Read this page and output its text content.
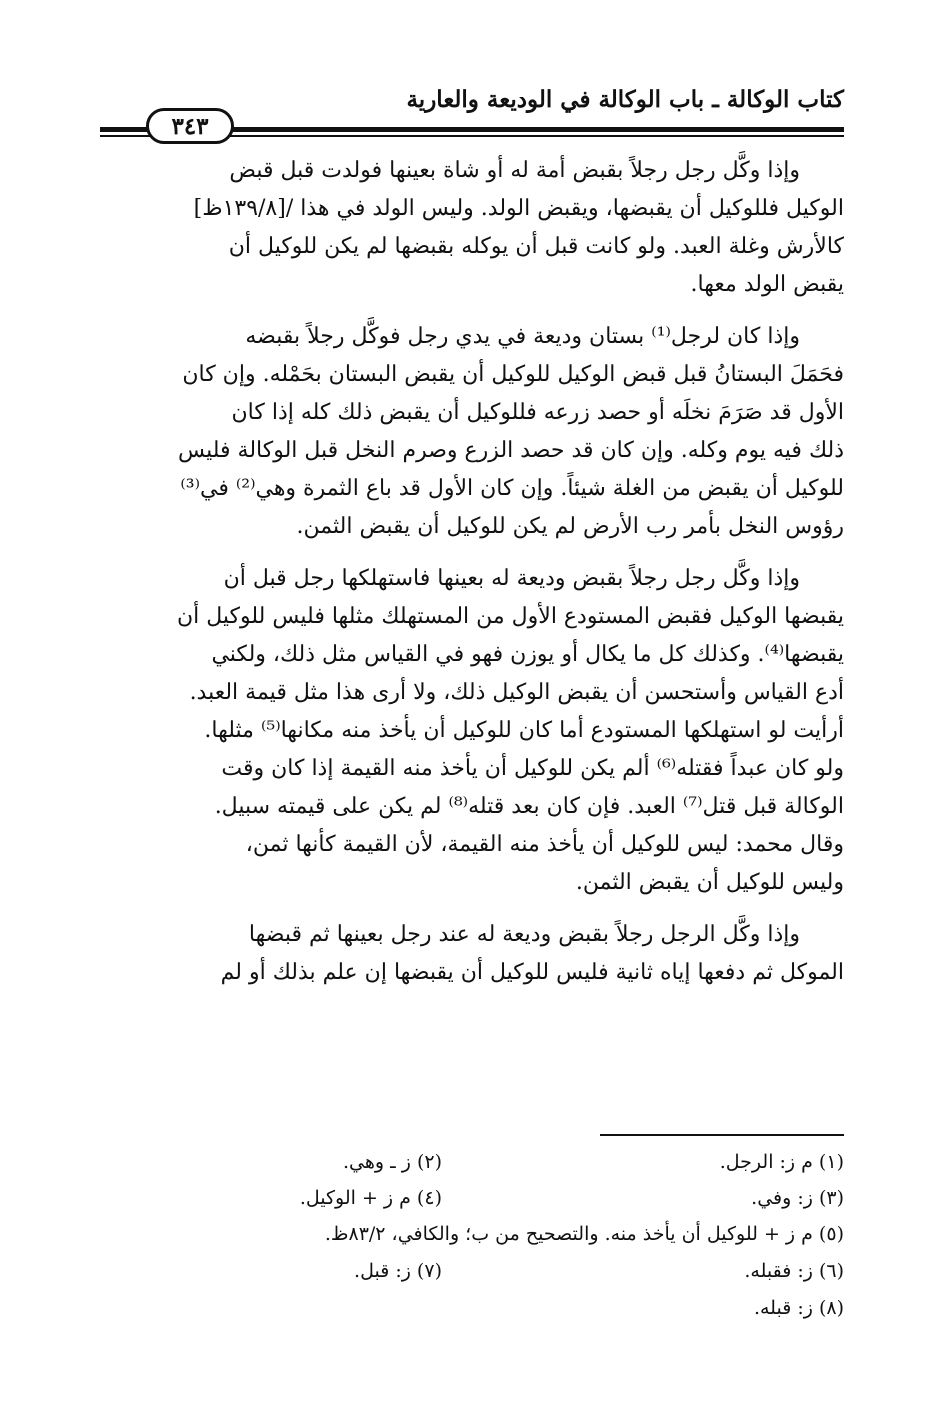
كتاب الوكالة ـ باب الوكالة في الوديعة والعارية
٣٤٣

وإذا وكَّل رجل رجلاً بقبض أمة له أو شاة بعينها فولدت قبل قبض
الوكيل فللوكيل أن يقبضها، ويقبض الولد. وليس الولد في هذا /[١٣٩/٨ظ]
كالأرش وغلة العبد. ولو كانت قبل أن يوكله بقبضها لم يكن للوكيل أن
يقبض الولد معها.

وإذا كان لرجل⁽¹⁾ بستان وديعة في يدي رجل فوكَّل رجلاً بقبضه
فحَمَلَ البستانُ قبل قبض الوكيل للوكيل أن يقبض البستان بحَمْله. وإن كان
الأول قد صَرَمَ نخلَه أو حصد زرعه فللوكيل أن يقبض ذلك كله إذا كان
ذلك فيه يوم وكله. وإن كان قد حصد الزرع وصرم النخل قبل الوكالة فليس
للوكيل أن يقبض من الغلة شيئاً. وإن كان الأول قد باع الثمرة وهي⁽²⁾ في⁽³⁾
رؤوس النخل بأمر رب الأرض لم يكن للوكيل أن يقبض الثمن.

وإذا وكَّل رجل رجلاً بقبض وديعة له بعينها فاستهلكها رجل قبل أن
يقبضها الوكيل فقبض المستودع الأول من المستهلك مثلها فليس للوكيل أن
يقبضها⁽⁴⁾. وكذلك كل ما يكال أو يوزن فهو في القياس مثل ذلك، ولكني
أدع القياس وأستحسن أن يقبض الوكيل ذلك، ولا أرى هذا مثل قيمة العبد.
أرأيت لو استهلكها المستودع أما كان للوكيل أن يأخذ منه مكانها⁽⁵⁾ مثلها.
ولو كان عبداً فقتله⁽⁶⁾ ألم يكن للوكيل أن يأخذ منه القيمة إذا كان وقت
الوكالة قبل قتل⁽⁷⁾ العبد. فإن كان بعد قتله⁽⁸⁾ لم يكن على قيمته سبيل.
وقال محمد: ليس للوكيل أن يأخذ منه القيمة، لأن القيمة كأنها ثمن،
وليس للوكيل أن يقبض الثمن.

وإذا وكَّل الرجل رجلاً بقبض وديعة له عند رجل بعينها ثم قبضها
الموكل ثم دفعها إياه ثانية فليس للوكيل أن يقبضها إن علم بذلك أو لم

(١) م ز: الرجل.
(٢) ز ـ وهي.
(٣) ز: وفي.
(٤) م ز + الوكيل.
(٥) م ز + للوكيل أن يأخذ منه. والتصحيح من ب؛ والكافي، ٨٣/٢ظ.
(٦) ز: فقبله.
(٧) ز: قبل.
(٨) ز: قبله.
